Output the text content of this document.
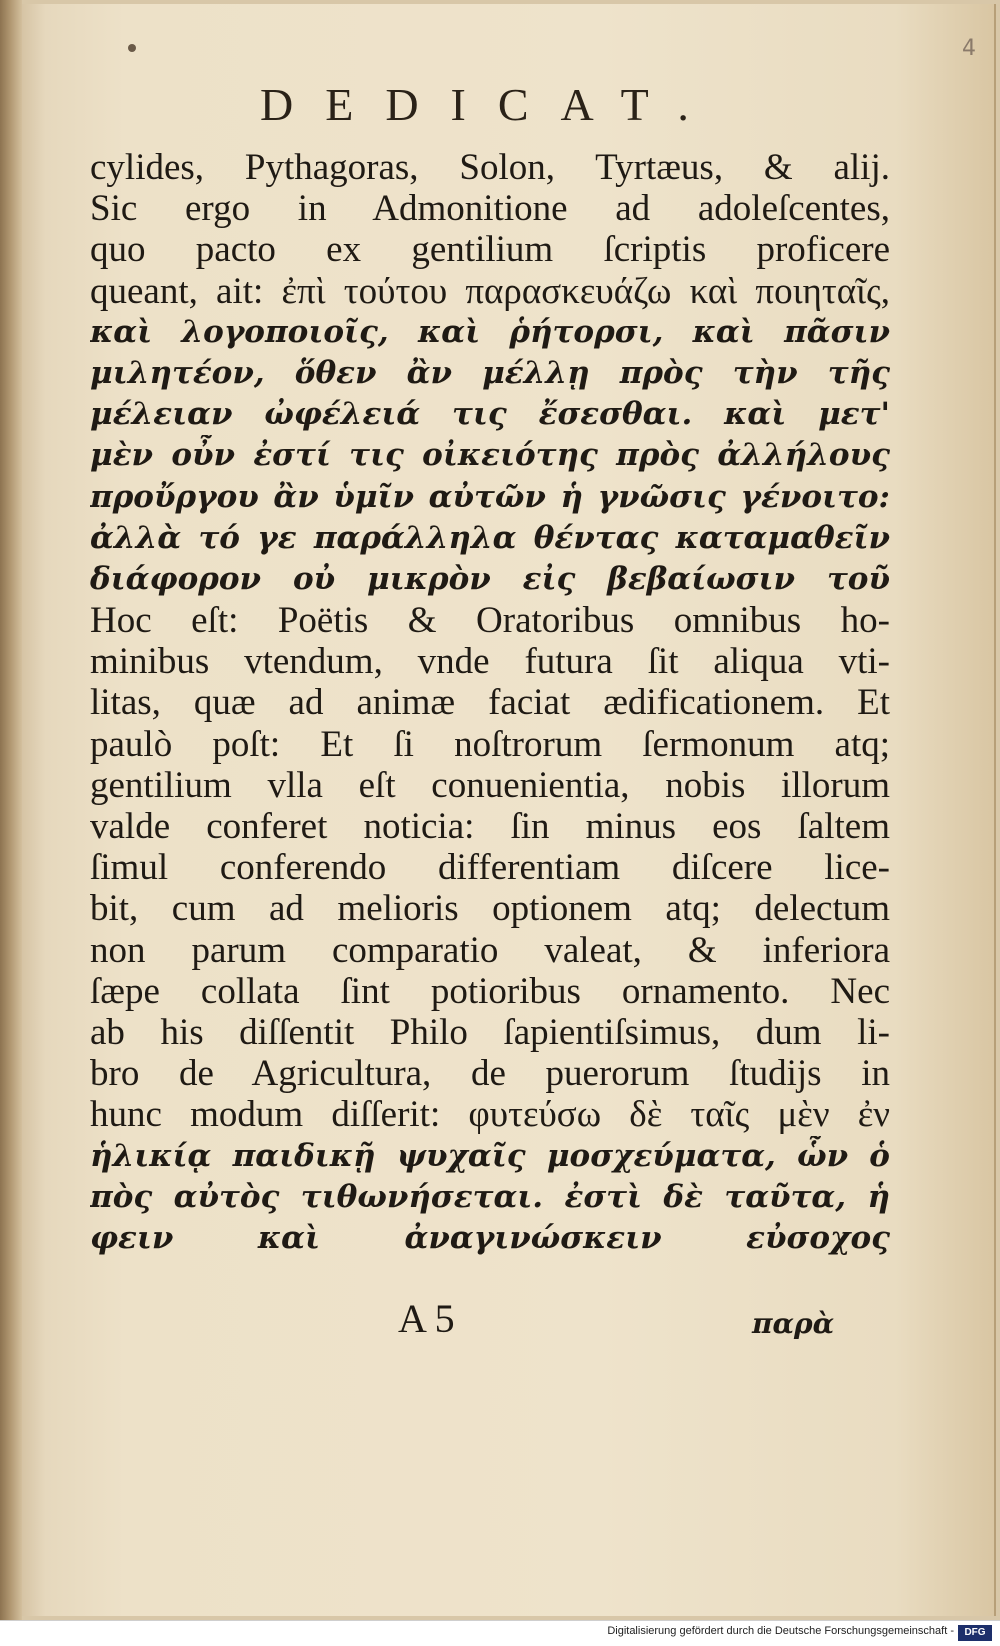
4
DEDICAT.
cylides, Pythagoras, Solon, Tyrtæus, & alij.
Sic ergo in Admonitione ad adoleſcentes,
quo pacto ex gentilium ſcriptis proficere
queant, ait: ἐπὶ τούτου παρασκευάζω καὶ ποιηταῖς,
καὶ λογοποιοῖς, καὶ ῥήτορσι, καὶ πᾶσιν
μιλητέον, ὅθεν ἂν μέλλῃ πρὸς τὴν τῆς
μέλειαν ὠφέλειά τις ἔσεσθαι. καὶ μετ'
μὲν οὖν ἐστί τις οἰκειότης πρὸς ἀλλήλους
προὔργου ἂν ὑμῖν αὐτῶν ἡ γνῶσις γένοιτο:
ἀλλὰ τό γε παράλληλα θέντας καταμαθεῖν
διάφορον οὐ μικρὸν εἰς βεβαίωσιν τοῦ
Hoc eſt: Poëtis & Oratoribus omnibus ho-
minibus vtendum, vnde futura ſit aliqua vti-
litas, quæ ad animæ faciat ædificationem. Et
paulò poſt: Et ſi noſtrorum ſermonum atq;
gentilium vlla eſt conuenientia, nobis illorum
valde conferet noticia: ſin minus eos ſaltem
ſimul conferendo differentiam diſcere lice-
bit, cum ad melioris optionem atq; delectum
non parum comparatio valeat, & inferiora
ſæpe collata ſint potioribus ornamento. Nec
ab his diſſentit Philo ſapientiſsimus, dum li-
bro de Agricultura, de puerorum ſtudijs in
hunc modum diſſerit: φυτεύσω δὲ ταῖς μὲν ἐν
ἡλικίᾳ παιδικῇ ψυχαῖς μοσχεύματα, ὧν ὁ
πὸς αὐτὸς τιθωνήσεται. ἐστὶ δὲ ταῦτα, ἡ
φειν καὶ ἀναγινώσκειν εὐσοχος
A 5	παρὰ
Digitalisierung gefördert durch die Deutsche Forschungsgemeinschaft -	DFG
